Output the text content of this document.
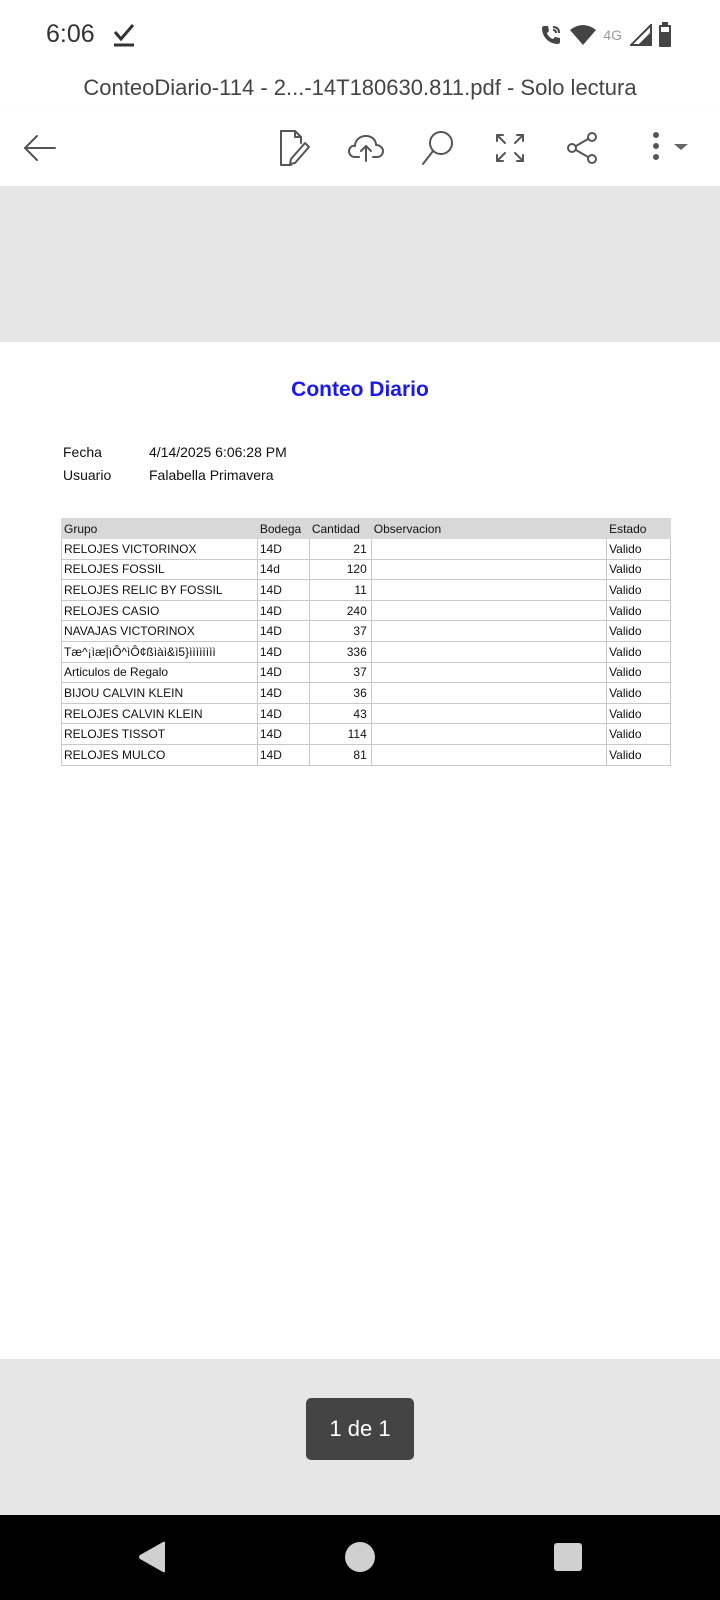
6:06	4G
ConteoDiario-114 - 2...-14T180630.811.pdf - Solo lectura
Conteo Diario
Fecha	4/14/2025 6:06:28 PM
Usuario	Falabella Primavera
Grupo	Bodega	Cantidad	Observacion	Estado
RELOJES VICTORINOX	14D	21		Valido
RELOJES FOSSIL	14d	120		Valido
RELOJES RELIC BY FOSSIL	14D	11		Valido
RELOJES CASIO	14D	240		Valido
NAVAJAS VICTORINOX	14D	37		Valido
Tæ^¡ìæ|ìÔ^ìÔ¢ßìàì&ì5}ìììììììì	14D	336		Valido
Articulos de Regalo	14D	37		Valido
BIJOU CALVIN KLEIN	14D	36		Valido
RELOJES CALVIN KLEIN	14D	43		Valido
RELOJES TISSOT	14D	114		Valido
RELOJES MULCO	14D	81		Valido
1 de 1
